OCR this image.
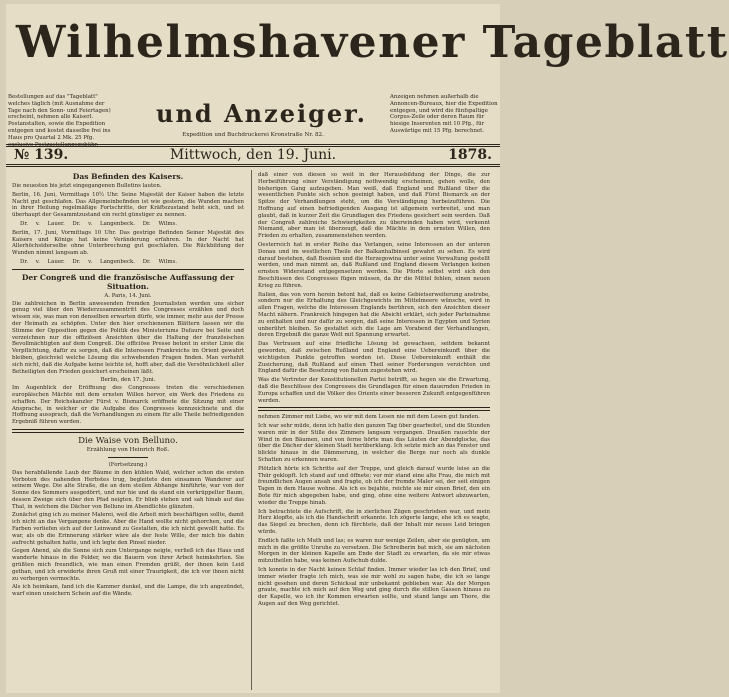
Wilhelmshavener Tageblatt
Bestellungen auf das "Tageblatt" welches täglich (mit Ausnahme der Tage nach den Sonn- und Feiertagen) erscheint, nehmen alle Kaiserl. Postanstalten, sowie die Expedition entgegen und kostet dasselbe frei ins Haus pro Quartal 2 Mk. 25 Pfg. exclusive Postzustellungsgebühr.
und Anzeiger.
Expedition und Buchdruckerei Kronstraße Nr. 82.
Anzeigen nehmen außerhalb die Annoncen-Bureaux, hier die Expedition entgegen, und wird die fünfspaltige Corpus-Zeile oder deren Raum für hiesige Inserenten mit 10 Pfg., für Auswärtige mit 15 Pfg. berechnet.
№ 139.	Mittwoch, den 19. Juni.	1878.
Das Befinden des Kaisers.

Die neuesten bis jetzt eingegangenen Bulletins lauten.

Berlin, 16. Juni, Vormittags 10½ Uhr. Seine Majestät der Kaiser haben die letzte Nacht gut geschlafen. Das Allgemeinbefinden ist wie gestern, die Wunden machen in ihrer Heilung regelmäßige Fortschritte, der Kräftezustand hebt sich, und ist überhaupt der Gesammtzustand ein recht günstiger zu nennen.

Dr. v. Lauer. Dr. v. Langenbeck. Dr. Wilms.

Berlin, 17. Juni, Vormittags 10 Uhr. Das gestrige Befinden Seiner Majestät des Kaisers und Königs hat keine Veränderung erfahren. In der Nacht hat Allerhöchstderselbe ohne Unterbrechung gut geschlafen. Die Rückbildung der Wunden nimmt langsam ab.

Dr. v. Lauer. Dr. v. Langenbeck. Dr. Wilms.

Der Congreß und die französische Auffassung der Situation.

A. Paris, 14. Juni.

Die zahlreichen in Berlin anwesenden fremden Journalisten werden uns sicher genug viel über den Wiederzusammentritt des Congresses erzählen und doch wissen sie, was man von denselben erwarten dürfe, wie immer, mehr aus der Presse der Heimath zu schöpfen. Unter den hier erschienenen Blättern lassen wir die Stimme der Opposition gegen die Politik des Ministeriums Dufaure bei Seite und verzeichnen nur die offiziösen Ansichten über die Haltung der französischen Bevollmächtigten auf dem Congreß. Die officiöse Presse betont in erster Linie die Verpflichtung, dafür zu sorgen, daß die Interessen Frankreichs im Orient gewahrt bleiben, gleichviel welche Lösung die schwebenden Fragen finden. Man verhehlt sich nicht, daß die Aufgabe keine leichte ist, hofft aber, daß die Versöhnlichkeit aller Betheiligten den Frieden gesichert erscheinen läßt.

Berlin, den 17. Juni.

Im Augenblick der Eröffnung des Congresses treten die verschiedenen europäischen Mächte mit dem ernsten Willen hervor, ein Werk des Friedens zu schaffen. Der Reichskanzler Fürst v. Bismarck eröffnete die Sitzung mit einer Ansprache, in welcher er die Aufgabe des Congresses kennzeichnete und die Hoffnung aussprach, daß die Verhandlungen zu einem für alle Theile befriedigenden Ergebniß führen werden.

Die Waise von Belluno.
Erzählung von Heinrich Roß.

(Fortsetzung.)

Das herabfallende Laub der Bäume in den kühlen Wald, welcher schon die ersten Vorboten des nahenden Herbstes trug, begleitete den einsamen Wanderer auf seinem Wege. Die alte Straße, die an dem steilen Abhange hinführte, war von der Sonne des Sommers ausgedörrt, und nur hie und da stand ein verkrüppelter Baum, dessen Zweige sich über den Pfad neigten. Er blieb stehen und sah hinab auf das Thal, in welchem die Dächer von Belluno im Abendlichte glänzten.

Zunächst ging ich zu meiner Malerei, weil die Arbeit mich beschäftigen sollte, damit ich nicht an das Vergangene denke. Aber die Hand wollte nicht gehorchen, und die Farben verliefen sich auf der Leinwand zu Gestalten, die ich nicht gewollt hatte. Es war, als ob die Erinnerung stärker wäre als der feste Wille, der mich bis dahin aufrecht gehalten hatte, und ich legte den Pinsel nieder.

Gegen Abend, als die Sonne sich zum Untergange neigte, verließ ich das Haus und wanderte hinaus in die Felder, wo die Bauern von ihrer Arbeit heimkehrten. Sie grüßten mich freundlich, wie man einen Fremden grüßt, der ihnen kein Leid gethan, und ich erwiderte ihren Gruß mit einer Traurigkeit, die ich vor ihnen nicht zu verbergen vermochte.

Als ich heimkam, fand ich die Kammer dunkel, und die Lampe, die ich angezündet, warf einen unsichern Schein auf die Wände.

daß einer von diesen so weit in der Herausbildung der Dinge, die zur Herbeiführung einer Verständigung nothwendig erscheinen, gehen wolle, den bisherigen Gang aufzugeben. Man weiß, daß England und Rußland über die wesentlichen Punkte sich schon geeinigt haben, und daß Fürst Bismarck an der Spitze der Verhandlungen steht, um die Verständigung herbeizuführen. Die Hoffnung auf einen befriedigenden Ausgang ist allgemein verbreitet, und man glaubt, daß in kurzer Zeit die Grundlagen des Friedens gesichert sein werden. Daß der Congreß zahlreiche Schwierigkeiten zu überwinden haben wird, verkennt Niemand, aber man ist überzeugt, daß die Mächte in dem ernsten Willen, den Frieden zu erhalten, zusammenstehen werden.

Oesterreich hat in erster Reihe das Verlangen, seine Interessen an der unteren Donau und im westlichen Theile der Balkanhalbinsel gewahrt zu sehen. Es wird darauf bestehen, daß Bosnien und die Herzegowina unter seine Verwaltung gestellt werden, und man nimmt an, daß Rußland und England diesem Verlangen keinen ernsten Widerstand entgegensetzen werden. Die Pforte selbst wird sich den Beschlüssen des Congresses fügen müssen, da ihr die Mittel fehlen, einen neuen Krieg zu führen.

Italien, das von vorn herein betont hat, daß es keine Gebietserweiterung anstrebe, sondern nur die Erhaltung des Gleichgewichts im Mittelmeere wünsche, wird in allen Fragen, welche die Interessen Englands berühren, sich den Ansichten dieser Macht nähern. Frankreich hingegen hat die Absicht erklärt, sich jeder Parteinahme zu enthalten und nur dafür zu sorgen, daß seine Interessen in Egypten und Syrien unberührt bleiben. So gestaltet sich die Lage am Vorabend der Verhandlungen, deren Ergebniß die ganze Welt mit Spannung erwartet.

Das Vertrauen auf eine friedliche Lösung ist gewachsen, seitdem bekannt geworden, daß zwischen Rußland und England eine Uebereinkunft über die wichtigsten Punkte getroffen worden ist. Diese Uebereinkunft enthält die Zusicherung, daß Rußland auf einen Theil seiner Forderungen verzichten und England dafür die Besetzung von Batum zugestehen wird.

Was die Vertreter der Konstitutionellen Partei betrifft, so hegen sie die Erwartung, daß die Beschlüsse des Congresses die Grundlagen für einen dauernden Frieden in Europa schaffen und die Völker des Orients einer besseren Zukunft entgegenführen werden.

nehmen Zimmer mit Liebe, wo wir mit dem Lesen nie mit dem Lesen gut fanden.

Ich war sehr müde, denn ich hatte den ganzen Tag über gearbeitet, und die Stunden waren mir in der Stille des Zimmers langsam vergangen. Draußen rauschte der Wind in den Bäumen, und von ferne hörte man das Läuten der Abendglocke, das über die Dächer der kleinen Stadt herüberklang. Ich setzte mich an das Fenster und blickte hinaus in die Dämmerung, in welcher die Berge nur noch als dunkle Schatten zu erkennen waren.

Plötzlich hörte ich Schritte auf der Treppe, und gleich darauf wurde leise an die Thür geklopft. Ich stand auf und öffnete; vor mir stand eine alte Frau, die mich mit freundlichen Augen ansah und fragte, ob ich der fremde Maler sei, der seit einigen Tagen in dem Hause wohne. Als ich es bejahte, reichte sie mir einen Brief, den ein Bote für mich abgegeben habe, und ging, ohne eine weitere Antwort abzuwarten, wieder die Treppe hinab.

Ich betrachtete die Aufschrift, die in zierlichen Zügen geschrieben war, und mein Herz klopfte, als ich die Handschrift erkannte. Ich zögerte lange, ehe ich es wagte, das Siegel zu brechen, denn ich fürchtete, daß der Inhalt mir neues Leid bringen würde.

Endlich faßte ich Muth und las; es waren nur wenige Zeilen, aber sie genügten, um mich in die größte Unruhe zu versetzen. Die Schreiberin bat mich, sie am nächsten Morgen in der kleinen Kapelle am Ende der Stadt zu erwarten, da sie mir etwas mitzutheilen habe, was keinen Aufschub dulde.

Ich konnte in der Nacht keinen Schlaf finden. Immer wieder las ich den Brief, und immer wieder fragte ich mich, was sie mir wohl zu sagen habe, die ich so lange nicht gesehen und deren Schicksal mir unbekannt geblieben war. Als der Morgen graute, machte ich mich auf den Weg und ging durch die stillen Gassen hinaus zu der Kapelle, wo ich ihr Kommen erwarten sollte, und stand lange am Thore, die Augen auf den Weg gerichtet.
